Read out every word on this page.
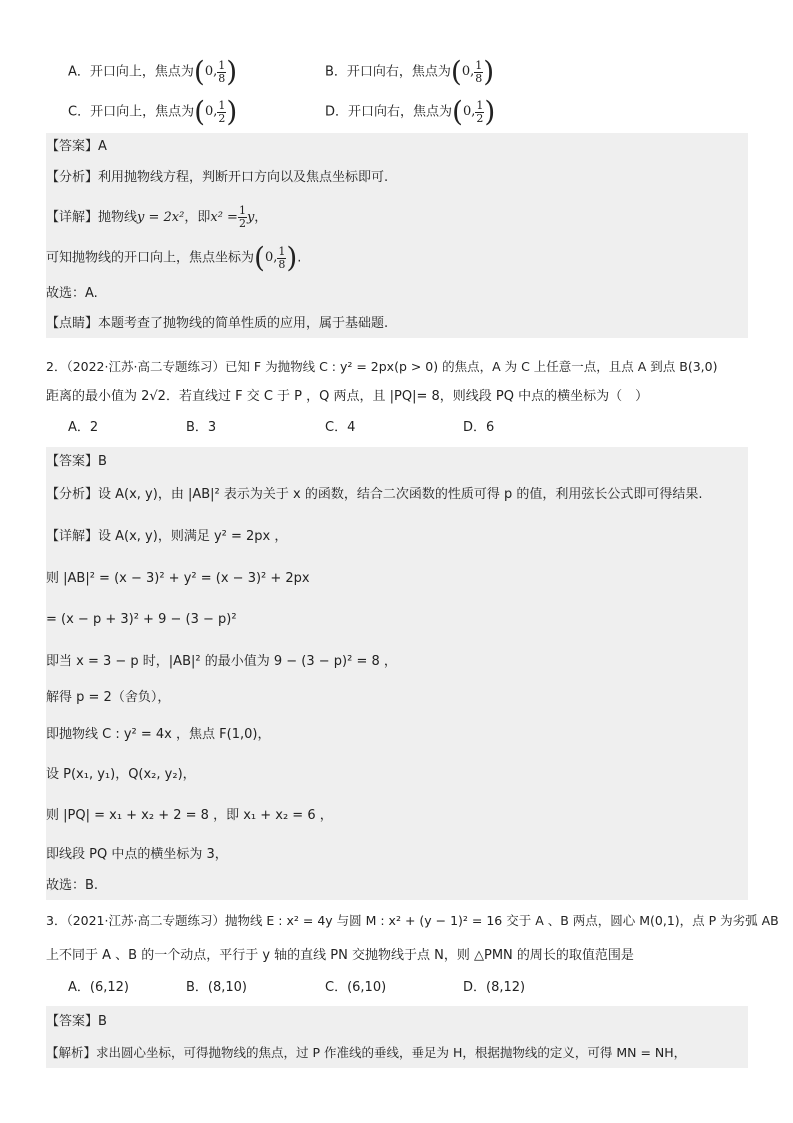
A．开口向上，焦点为(0, $\frac{1}{8}$ )	B．开口向右，焦点为(0, $\frac{1}{8}$ )
C．开口向上，焦点为(0, $\frac{1}{2}$ )	D．开口向右，焦点为(0, $\frac{1}{2}$ )
【答案】A
【分析】利用抛物线方程，判断开口方向以及焦点坐标即可.
【详解】抛物线y = 2x²，即$x^2 = \frac{1}{2}$ y，
可知抛物线的开口向上，焦点坐标为(0, $\frac{1}{8}$ ).
故选：A.
【点睛】本题考查了抛物线的简单性质的应用，属于基础题.
2．（2022·江苏·高二专题练习）已知 F 为抛物线 C : y² = 2px(p > 0) 的焦点，A 为 C 上任意一点，且点 A 到点 B(3,0)
距离的最小值为 2√2．若直线过 F 交 C 于 P ，Q 两点，且 |PQ|= 8，则线段 PQ 中点的横坐标为（　）
A．2	B．3	C．4	D．6
【答案】B
【分析】设 A(x, y)，由 |AB|² 表示为关于 x 的函数，结合二次函数的性质可得 p 的值，利用弦长公式即可得结果.
【详解】设 A(x, y)，则满足 y² = 2px ，
则 |AB|² = (x − 3)² + y² = (x − 3)² + 2px
= (x − p + 3)² + 9 − (3 − p)²
即当 x = 3 − p 时，|AB|² 的最小值为 9 − (3 − p)² = 8 ，
解得 p = 2（舍负），
即抛物线 C : y² = 4x ，焦点 F(1,0)，
设 P(x₁, y₁)，Q(x₂, y₂)，
则 |PQ| = x₁ + x₂ + 2 = 8 ，即 x₁ + x₂ = 6 ，
即线段 PQ 中点的横坐标为 3，
故选：B.
3．（2021·江苏·高二专题练习）抛物线 E : x² = 4y 与圆 M : x² + (y − 1)² = 16 交于 A 、B 两点，圆心 M(0,1)，点 P 为劣弧 AB
上不同于 A 、B 的一个动点，平行于 y 轴的直线 PN 交抛物线于点 N，则 △PMN 的周长的取值范围是
A．(6,12)	B．(8,10)	C．(6,10)	D．(8,12)
【答案】B
【解析】求出圆心坐标，可得抛物线的焦点，过 P 作准线的垂线，垂足为 H，根据抛物线的定义，可得 MN = NH，
